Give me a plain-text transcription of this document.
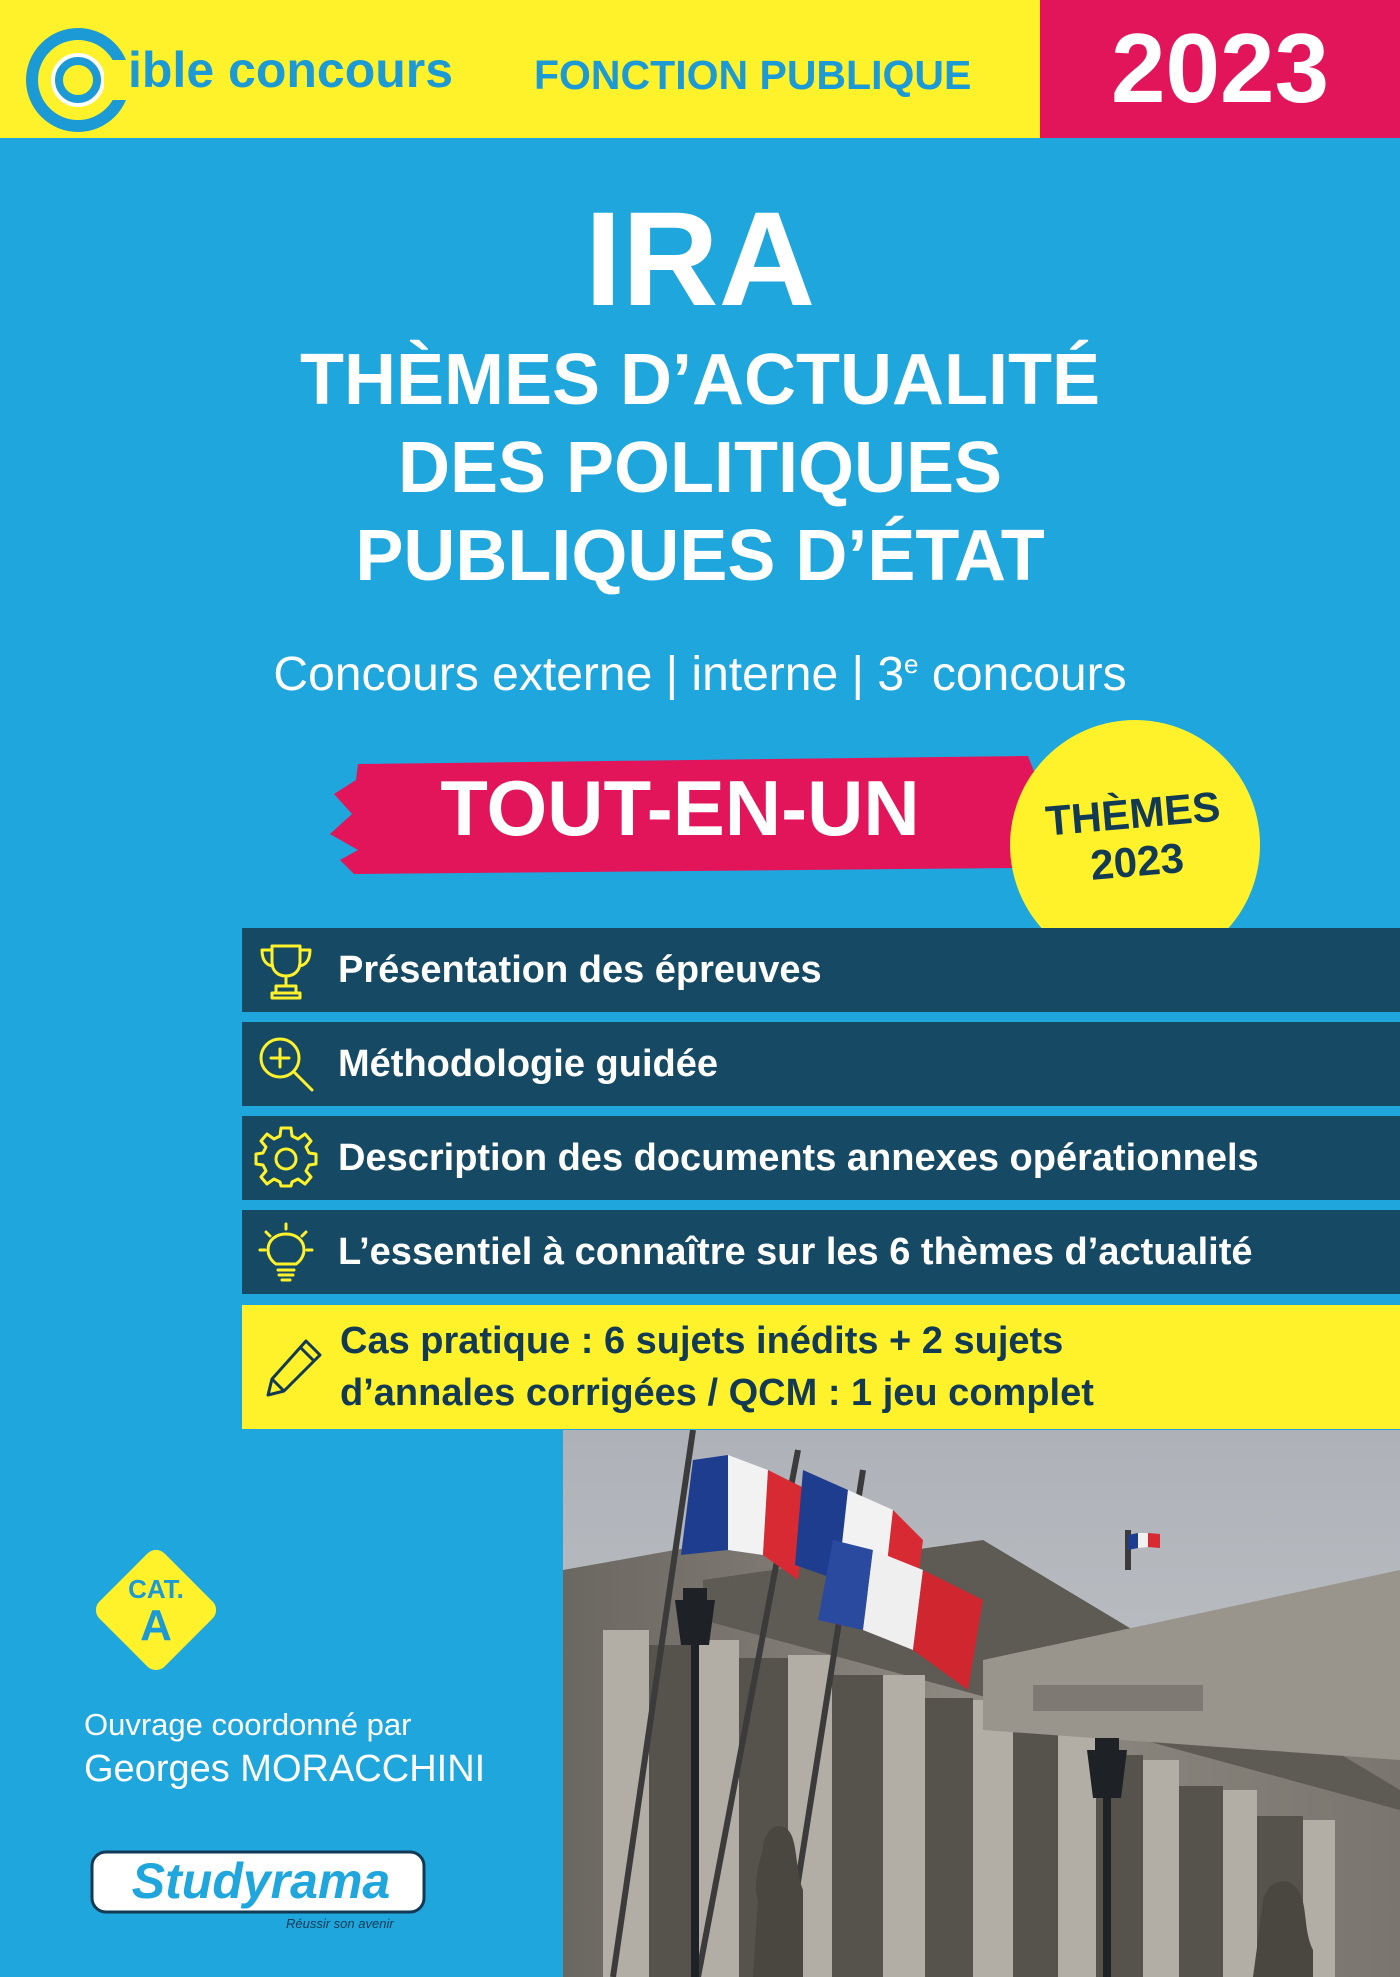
ible concours FONCTION PUBLIQUE	2023
IRA
THÈMES D’ACTUALITÉ
DES POLITIQUES
PUBLIQUES D’ÉTAT
Concours externe | interne | 3e concours
TOUT-EN-UN	THÈMES
2023
Présentation des épreuves
Méthodologie guidée
Description des documents annexes opérationnels
L’essentiel à connaître sur les 6 thèmes d’actualité
Cas pratique : 6 sujets inédits + 2 sujets
d’annales corrigées / QCM : 1 jeu complet
CAT.
A
Ouvrage coordonné par
Georges MORACCHINI
Studyrama
Réussir son avenir
